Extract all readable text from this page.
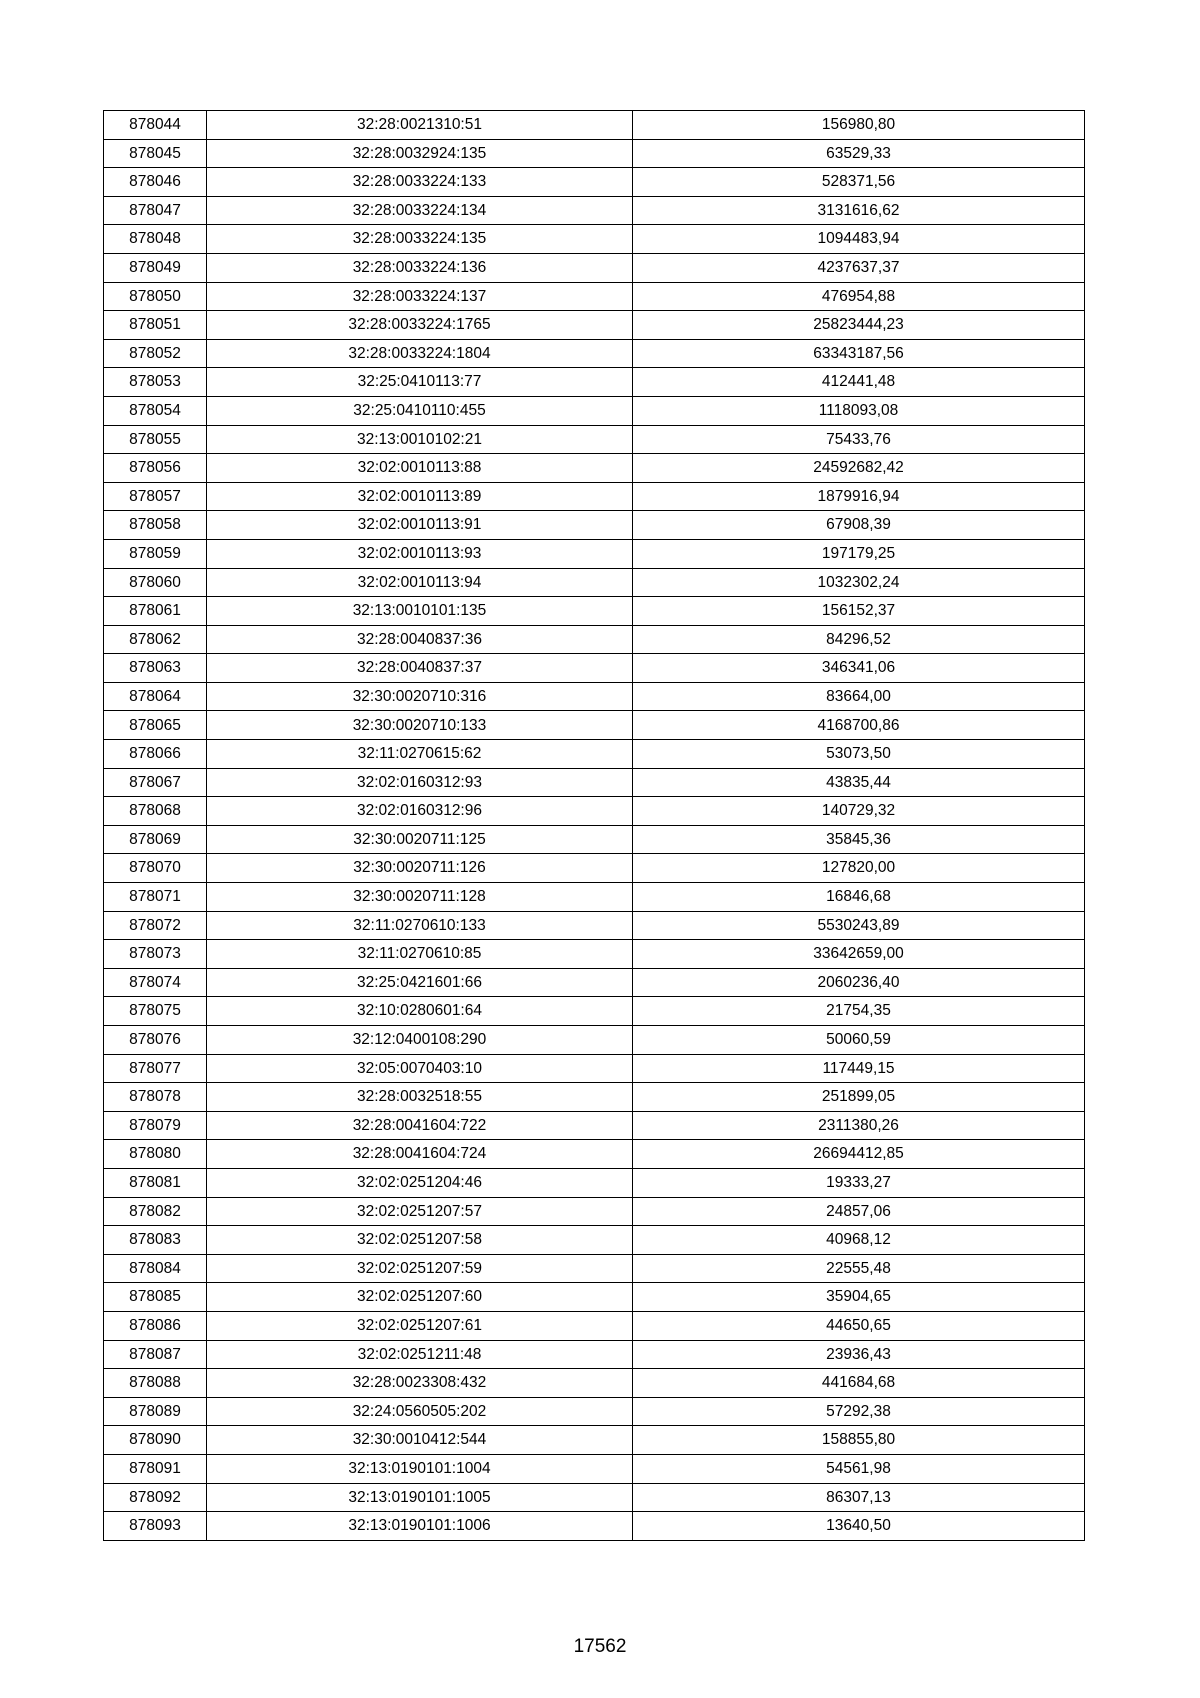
878044	32:28:0021310:51	156980,80
878045	32:28:0032924:135	63529,33
878046	32:28:0033224:133	528371,56
878047	32:28:0033224:134	3131616,62
878048	32:28:0033224:135	1094483,94
878049	32:28:0033224:136	4237637,37
878050	32:28:0033224:137	476954,88
878051	32:28:0033224:1765	25823444,23
878052	32:28:0033224:1804	63343187,56
878053	32:25:0410113:77	412441,48
878054	32:25:0410110:455	1118093,08
878055	32:13:0010102:21	75433,76
878056	32:02:0010113:88	24592682,42
878057	32:02:0010113:89	1879916,94
878058	32:02:0010113:91	67908,39
878059	32:02:0010113:93	197179,25
878060	32:02:0010113:94	1032302,24
878061	32:13:0010101:135	156152,37
878062	32:28:0040837:36	84296,52
878063	32:28:0040837:37	346341,06
878064	32:30:0020710:316	83664,00
878065	32:30:0020710:133	4168700,86
878066	32:11:0270615:62	53073,50
878067	32:02:0160312:93	43835,44
878068	32:02:0160312:96	140729,32
878069	32:30:0020711:125	35845,36
878070	32:30:0020711:126	127820,00
878071	32:30:0020711:128	16846,68
878072	32:11:0270610:133	5530243,89
878073	32:11:0270610:85	33642659,00
878074	32:25:0421601:66	2060236,40
878075	32:10:0280601:64	21754,35
878076	32:12:0400108:290	50060,59
878077	32:05:0070403:10	117449,15
878078	32:28:0032518:55	251899,05
878079	32:28:0041604:722	2311380,26
878080	32:28:0041604:724	26694412,85
878081	32:02:0251204:46	19333,27
878082	32:02:0251207:57	24857,06
878083	32:02:0251207:58	40968,12
878084	32:02:0251207:59	22555,48
878085	32:02:0251207:60	35904,65
878086	32:02:0251207:61	44650,65
878087	32:02:0251211:48	23936,43
878088	32:28:0023308:432	441684,68
878089	32:24:0560505:202	57292,38
878090	32:30:0010412:544	158855,80
878091	32:13:0190101:1004	54561,98
878092	32:13:0190101:1005	86307,13
878093	32:13:0190101:1006	13640,50
17562
